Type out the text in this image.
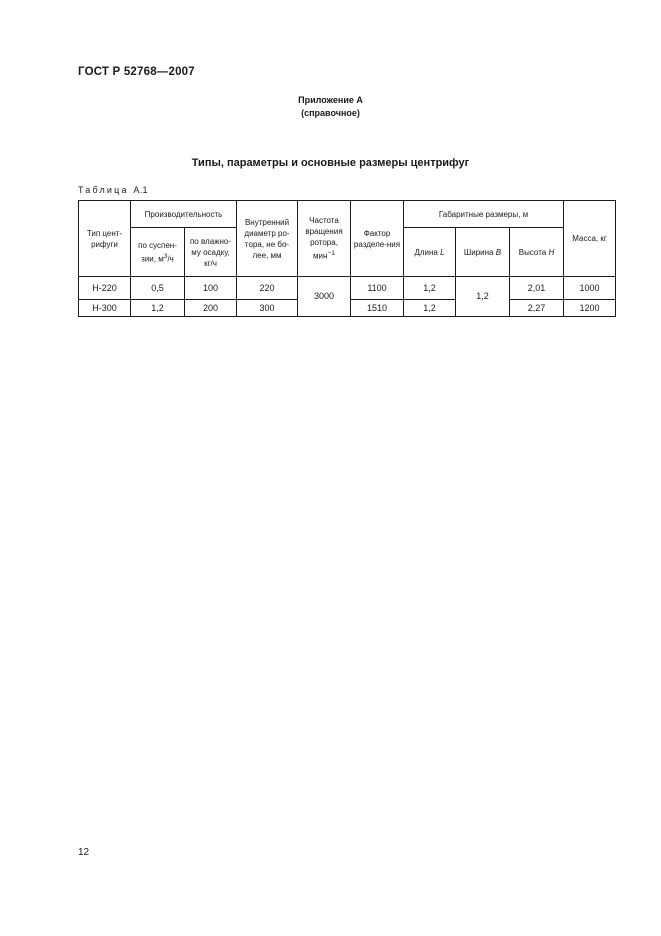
ГОСТ Р 52768—2007
Приложение А
(справочное)
Типы, параметры и основные размеры центрифуг
Таблица А.1
Тип цент-рифуги	Производительность		Внутренний диаметр ро-тора, не бо-лее, мм	Частота вращения ротора, мин$^{-1}$	Фактор разделе-ния	Габаритные размеры, м			Масса, кг
	по суспен-зии, $м^3/ч$	по влажно-му осадку, кг/ч				Длина L	Ширина B	Высота H	
Н-220	0,5	100	220	3000	1100	1,2	1,2	2,01	1000
Н-300	1,2	200	300		1510	1,2		2,27	1200
12
